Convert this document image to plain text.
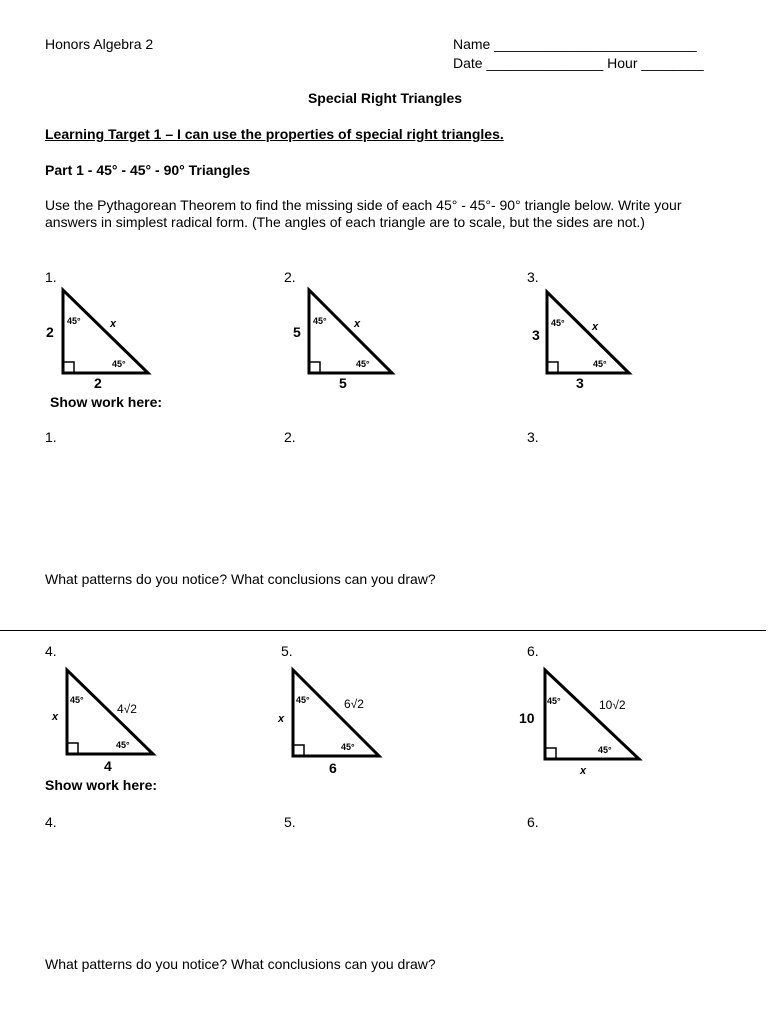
Honors Algebra 2	Name __________________________
Date _______________ Hour ________
Special Right Triangles
Learning Target 1 – I can use the properties of special right triangles.
Part 1 - 45° - 45° - 90° Triangles
Use the Pythagorean Theorem to find the missing side of each 45° - 45°- 90° triangle below. Write your answers in simplest radical form. (The angles of each triangle are to scale, but the sides are not.)
1.	2.	3.
2
2
x
45°
45°
5
5
x
45°
45°
3
3
x
45°
45°
Show work here:
1.	2.	3.
What patterns do you notice? What conclusions can you draw?
4.	5.	6.
x
4
4√2
45°
45°
x
6
6√2
45°
45°
10
x
10√2
45°
45°
Show work here:
4.	5.	6.
What patterns do you notice? What conclusions can you draw?
